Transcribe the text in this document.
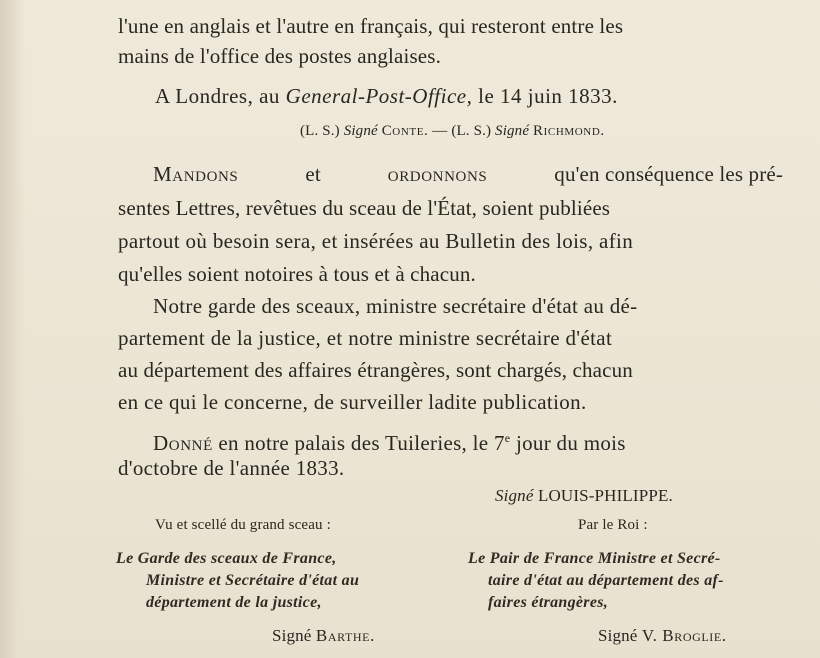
l'une en anglais et l'autre en français, qui resteront entre les
mains de l'office des postes anglaises.
A Londres, au General-Post-Office, le 14 juin 1833.
(L. S.) Signé Conte. — (L. S.) Signé Richmond.
Mandons	et	ordonnons	qu'en conséquence les pré-
sentes Lettres, revêtues du sceau de l'État, soient publiées
partout où besoin sera, et insérées au Bulletin des lois, afin
qu'elles soient notoires à tous et à chacun.
Notre garde des sceaux, ministre secrétaire d'état au dé-
partement de la justice, et notre ministre secrétaire d'état
au département des affaires étrangères, sont chargés, chacun
en ce qui le concerne, de surveiller ladite publication.
Donné en notre palais des Tuileries, le 7e jour du mois
d'octobre de l'année 1833.
Signé LOUIS-PHILIPPE.
Vu et scellé du grand sceau :	Par le Roi :
Le Garde des sceaux de France,
Ministre et Secrétaire d'état au
département de la justice,
Le Pair de France Ministre et Secré-
taire d'état au département des af-
faires étrangères,
Signé Barthe.	Signé V. Broglie.
